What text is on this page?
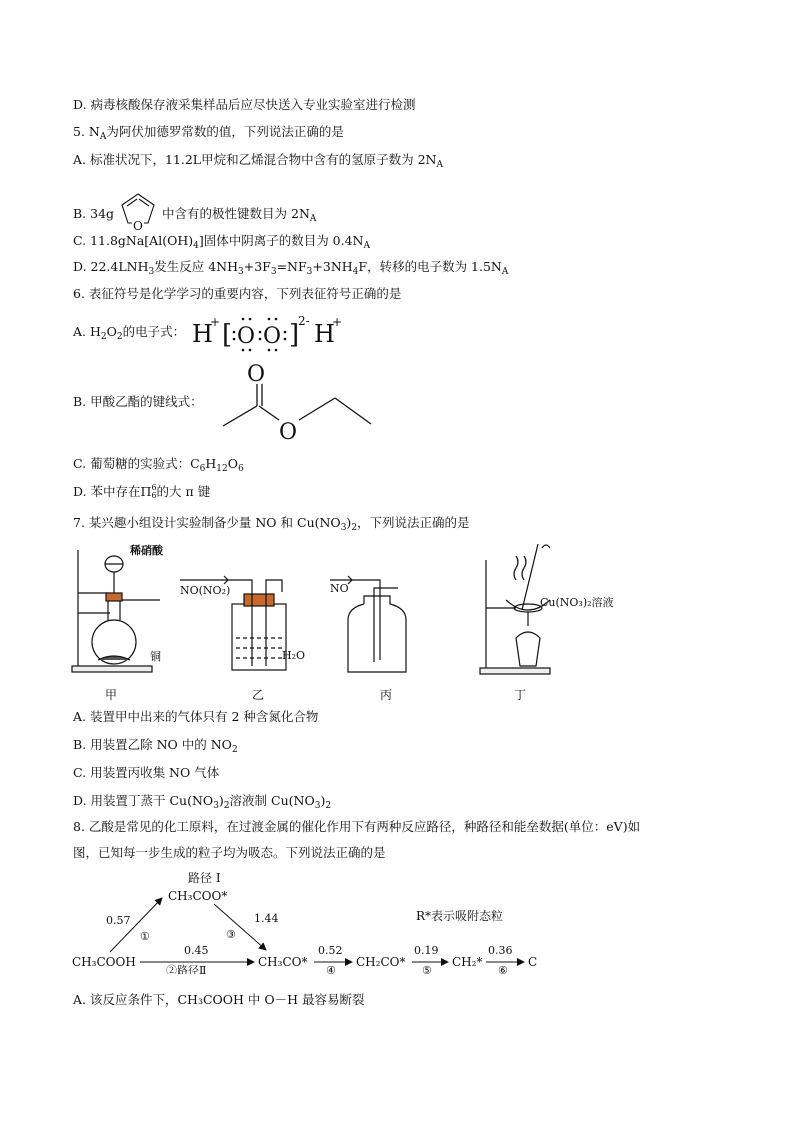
D. 病毒核酸保存液采集样品后应尽快送入专业实验室进行检测
5. $N_A$为阿伏加德罗常数的值，下列说法正确的是
A. 标准状况下，11.2L甲烷和乙烯混合物中含有的氢原子数为 $2N_A$
B. 34g
O
中含有的极性键数目为 $2N_A$
C. $11.8gNa[Al(OH)_4]$固体中阴离子的数目为 $0.4N_A$
D. $22.4LNH_3$发生反应 $4NH_3+3F_3=NF_3+3NH_4F$，转移的电子数为 $1.5N_A$
6. 表征符号是化学学习的重要内容，下列表征符号正确的是
A. $H_2O_2$的电子式： H
+ [ O O ]
2- H
+
B. 甲酸乙酯的键线式：
O
O
C. 葡萄糖的实验式：$C_6H_{12}O_6$
D. 苯中存在Π 6
6 的大 π 键
7. 某兴趣小组设计实验制备少量 NO 和 $Cu(NO_3)_2$，下列说法正确的是
甲
稀硝酸
铜
NO(NO₂)
H₂O
乙
NO
丙
Cu(NO₃)₂溶液
丁
A. 装置甲中出来的气体只有 2 种含氮化合物
B. 用装置乙除 NO 中的 $NO_2$
C. 用装置丙收集 NO 气体
D. 用装置丁蒸干 $Cu(NO_3)_2$溶液制 $Cu(NO_3)_2$
8. 乙酸是常见的化工原料，在过渡金属的催化作用下有两种反应路径，种路径和能垒数据(单位：eV)如
图，已知每一步生成的粒子均为吸态。下列说法正确的是
路径 Ⅰ
CH₃COO*
CH₃COOH	CH₃CO*	CH₂CO*	CH₂*	C
0.57
①
1.44
③
0.45
②路径Ⅱ
0.52
④
0.19
⑤
0.36
⑥
R*表示吸附态粒
A. 该反应条件下，CH₃COOH 中 O－H 最容易断裂
